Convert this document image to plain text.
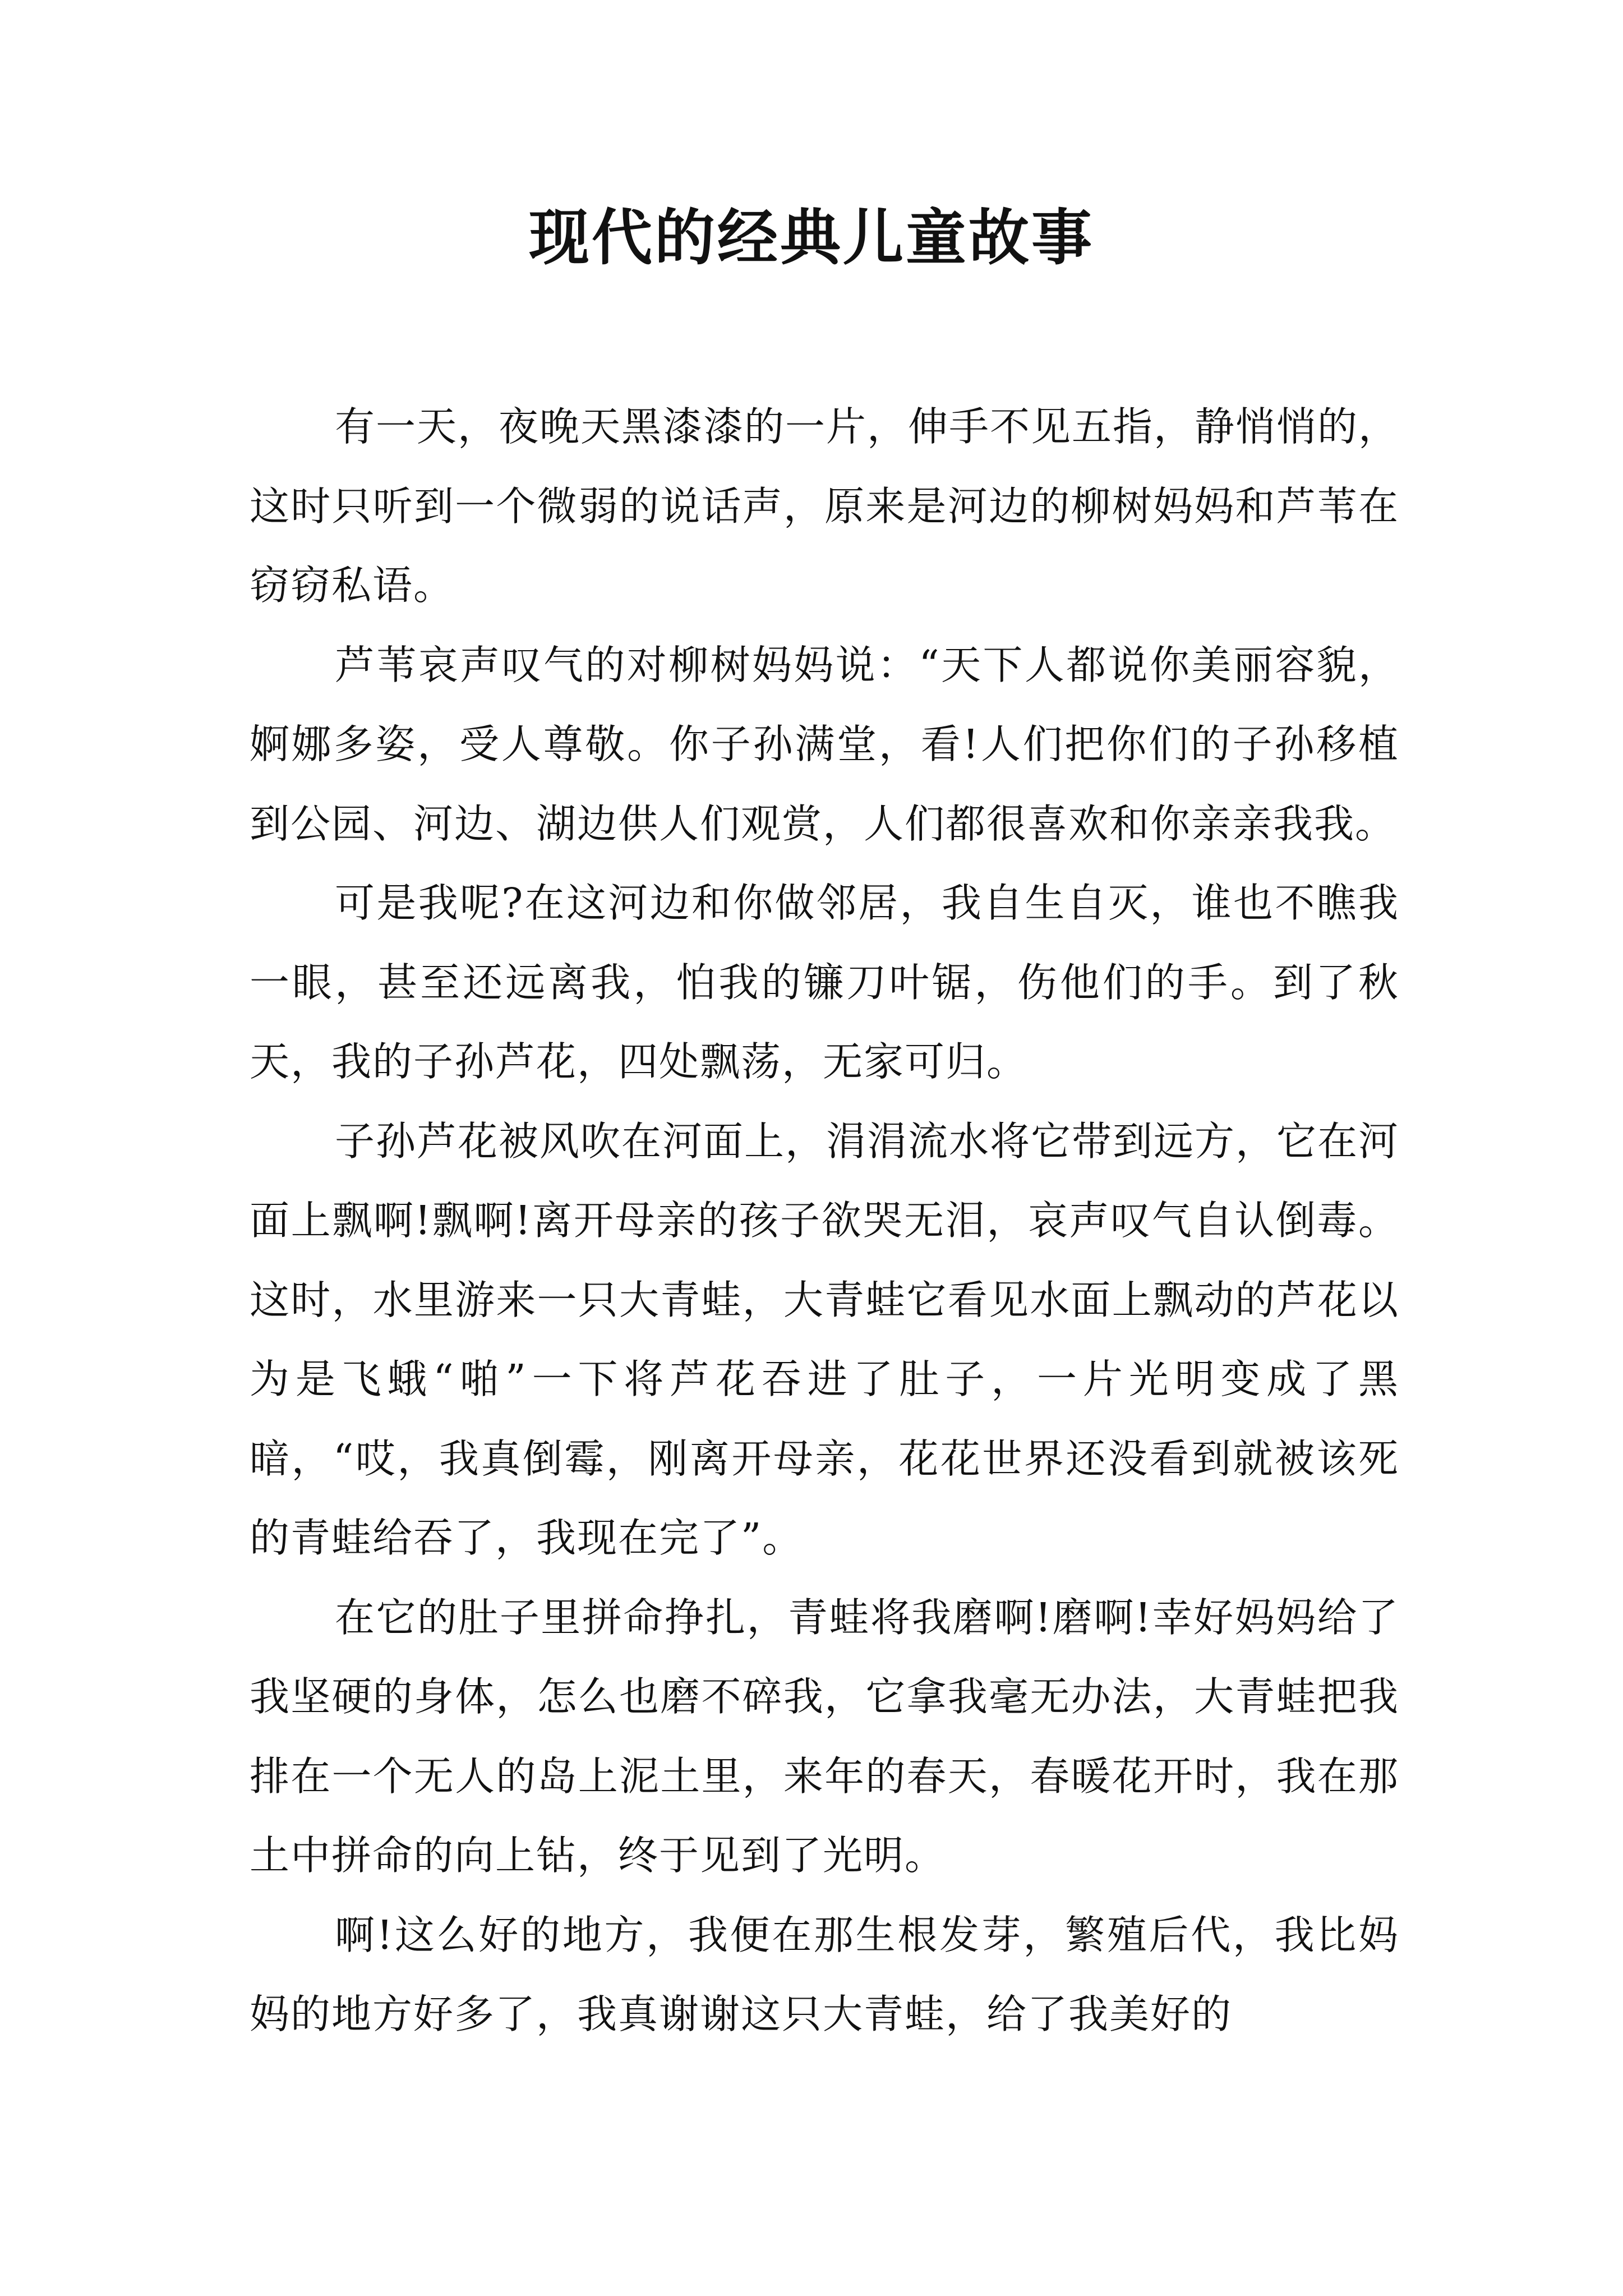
现代的经典儿童故事

有一天，夜晚天黑漆漆的一片，伸手不见五指，静悄悄的，这时只听到一个微弱的说话声，原来是河边的柳树妈妈和芦苇在窃窃私语。

芦苇哀声叹气的对柳树妈妈说：“天下人都说你美丽容貌，婀娜多姿，受人尊敬。你子孙满堂，看!人们把你们的子孙移植到公园、河边、湖边供人们观赏，人们都很喜欢和你亲亲我我。

可是我呢?在这河边和你做邻居，我自生自灭，谁也不瞧我一眼，甚至还远离我，怕我的镰刀叶锯，伤他们的手。到了秋天，我的子孙芦花，四处飘荡，无家可归。

子孙芦花被风吹在河面上，涓涓流水将它带到远方，它在河面上飘啊!飘啊!离开母亲的孩子欲哭无泪，哀声叹气自认倒毒。这时，水里游来一只大青蛙，大青蛙它看见水面上飘动的芦花以为是飞蛾“啪”一下将芦花吞进了肚子，一片光明变成了黑暗，“哎，我真倒霉，刚离开母亲，花花世界还没看到就被该死的青蛙给吞了，我现在完了”。

在它的肚子里拼命挣扎，青蛙将我磨啊!磨啊!幸好妈妈给了我坚硬的身体，怎么也磨不碎我，它拿我毫无办法，大青蛙把我排在一个无人的岛上泥土里，来年的春天，春暖花开时，我在那土中拼命的向上钻，终于见到了光明。

啊!这么好的地方，我便在那生根发芽，繁殖后代，我比妈妈的地方好多了，我真谢谢这只大青蛙，给了我美好的
